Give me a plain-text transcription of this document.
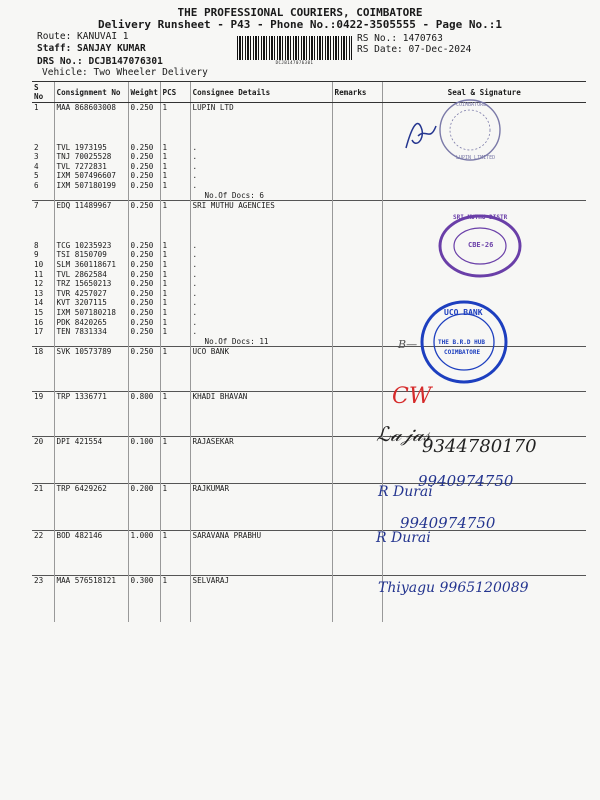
THE PROFESSIONAL COURIERS, COIMBATORE
Delivery Runsheet - P43 - Phone No.:0422-3505555 - Page No.:1
Route: KANUVAI 1
Staff: SANJAY KUMAR
DRS No.: DCJB147076301
Vehicle: Two Wheeler Delivery
RS No.: 1470763
RS Date: 07-Dec-2024
DCJB147076301
S No	Consignment No	Weight	PCS	Consignee Details	Remarks	Seal & Signature
1	MAA 868603008	0.250	1	LUPIN LTD		

2	TVL 1973195	0.250	1	.		
3	TNJ 70025528	0.250	1	.		
4	TVL 7272831	0.250	1	.		
5	IXM 507496607	0.250	1	.		
6	IXM 507180199	0.250	1	.		
				No.Of Docs: 6		
7	EDQ 11489967	0.250	1	SRI MUTHU AGENCIES		

8	TCG 10235923	0.250	1	.		
9	TSI 8150709	0.250	1	.		
10	SLM 360118671	0.250	1	.		
11	TVL 2862584	0.250	1	.		
12	TRZ 15650213	0.250	1	.		
13	TVR 4257027	0.250	1	.		
14	KVT 3207115	0.250	1	.		
15	IXM 507180218	0.250	1	.		
16	PDK 8420265	0.250	1	.		
17	TEN 7831334	0.250	1	.		
				No.Of Docs: 11		
18	SVK 10573789	0.250	1	UCO BANK		

19	TRP 1336771	0.800	1	KHADI BHAVAN		

20	DPI 421554	0.100	1	RAJASEKAR		

21	TRP 6429262	0.200	1	RAJKUMAR		

22	BOD 482146	1.000	1	SARAVANA PRABHU		

23	MAA 576518121	0.300	1	SELVARAJ		

COIMBATORE
LUPIN LIMITED
SRI MUTHU DISTR
CBE-26
UCO BANK
THE B.R.D HUB
COIMBATORE
B—
CW
ℒ𝒶𝒿𝒶𝓈
9344780170
9940974750
R Durai
9940974750
R Durai
Thiyagu 9965120089
